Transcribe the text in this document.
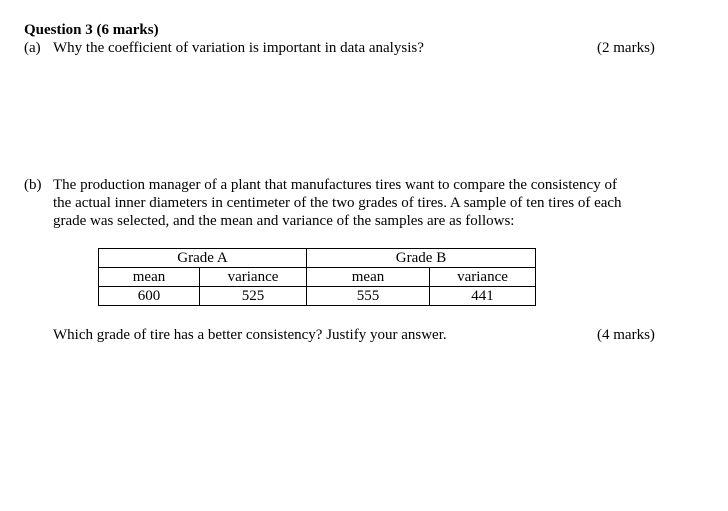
Question 3 (6 marks)
(a) Why the coefficient of variation is important in data analysis?	(2 marks)
(b) The production manager of a plant that manufactures tires want to compare the consistency of
the actual inner diameters in centimeter of the two grades of tires. A sample of ten tires of each
grade was selected, and the mean and variance of the samples are as follows:
Grade A		Grade B	
mean	variance	mean	variance
600	525	555	441
Which grade of tire has a better consistency? Justify your answer.	(4 marks)
